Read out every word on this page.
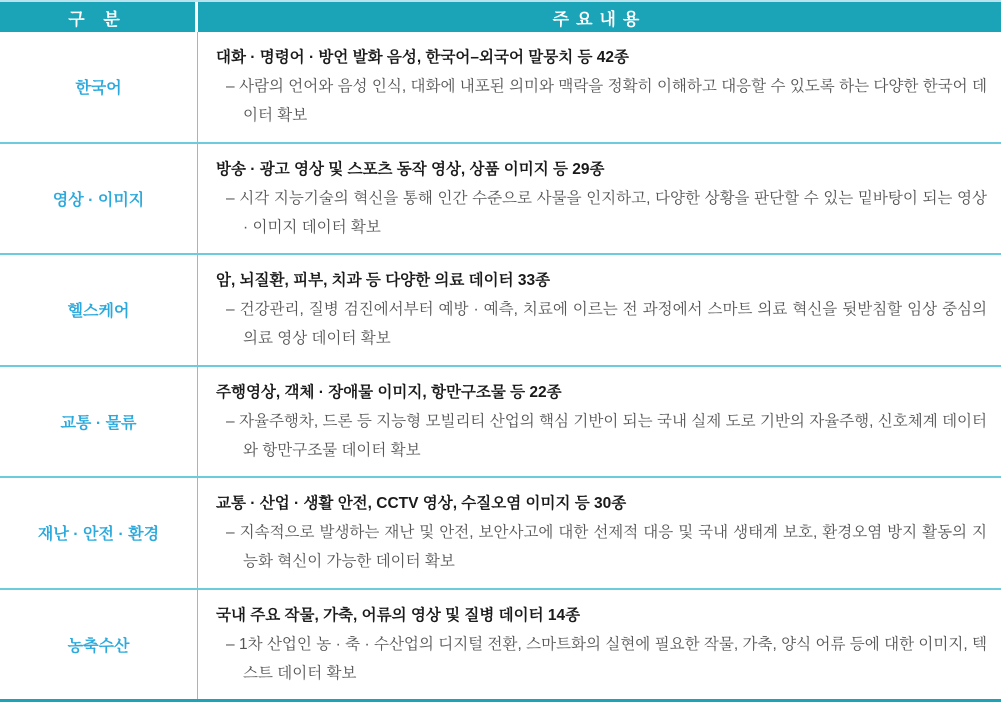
구 분	주요내용
한국어
대화 · 명령어 · 방언 발화 음성, 한국어–외국어 말뭉치 등 42종
– 사람의 언어와 음성 인식, 대화에 내포된 의미와 맥락을 정확히 이해하고 대응할 수 있도록 하는 다양한 한국어 데이터 확보
영상 · 이미지
방송 · 광고 영상 및 스포츠 동작 영상, 상품 이미지 등 29종
– 시각 지능기술의 혁신을 통해 인간 수준으로 사물을 인지하고, 다양한 상황을 판단할 수 있는 밑바탕이 되는 영상 · 이미지 데이터 확보
헬스케어
암, 뇌질환, 피부, 치과 등 다양한 의료 데이터 33종
– 건강관리, 질병 검진에서부터 예방 · 예측, 치료에 이르는 전 과정에서 스마트 의료 혁신을 뒷받침할 임상 중심의 의료 영상 데이터 확보
교통 · 물류
주행영상, 객체 · 장애물 이미지, 항만구조물 등 22종
– 자율주행차, 드론 등 지능형 모빌리티 산업의 핵심 기반이 되는 국내 실제 도로 기반의 자율주행, 신호체계 데이터와 항만구조물 데이터 확보
재난 · 안전 · 환경
교통 · 산업 · 생활 안전, CCTV 영상, 수질오염 이미지 등 30종
– 지속적으로 발생하는 재난 및 안전, 보안사고에 대한 선제적 대응 및 국내 생태계 보호, 환경오염 방지 활동의 지능화 혁신이 가능한 데이터 확보
농축수산
국내 주요 작물, 가축, 어류의 영상 및 질병 데이터 14종
– 1차 산업인 농 · 축 · 수산업의 디지털 전환, 스마트화의 실현에 필요한 작물, 가축, 양식 어류 등에 대한 이미지, 텍스트 데이터 확보
